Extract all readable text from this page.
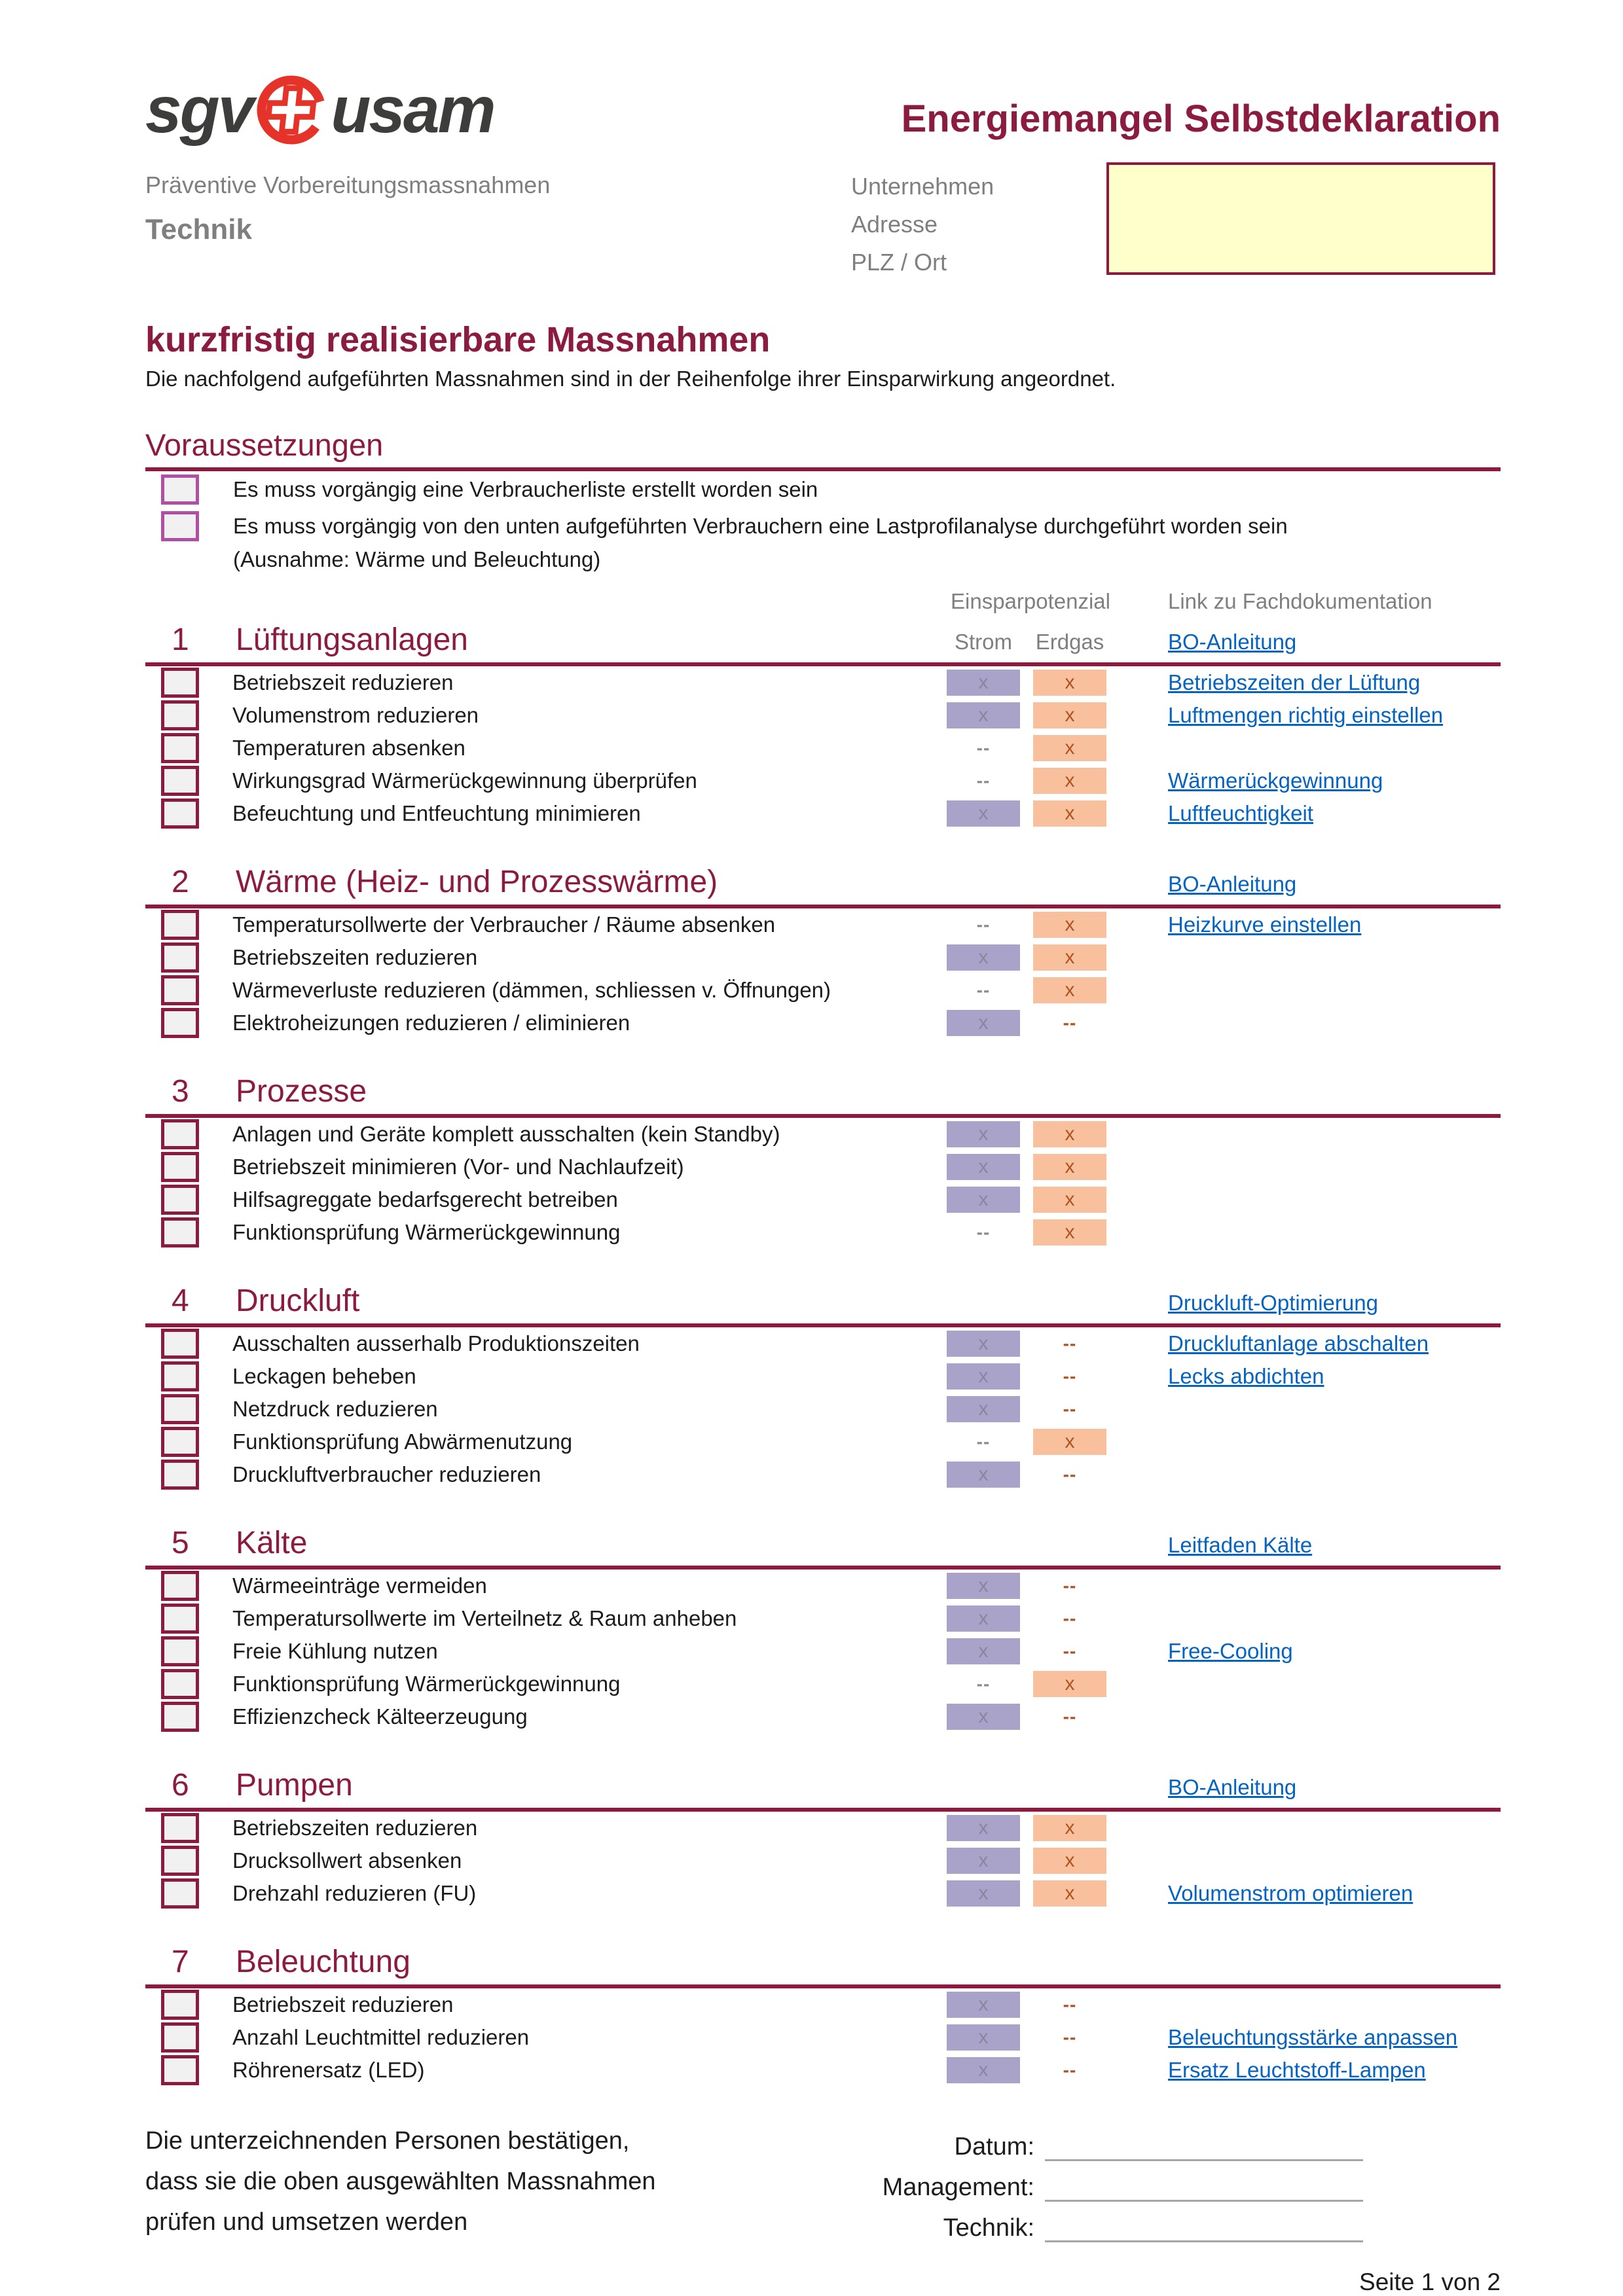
sgv usam
Präventive Vorbereitungsmassnahmen
Technik
Energiemangel Selbstdeklaration
Unternehmen
Adresse
PLZ / Ort
kurzfristig realisierbare Massnahmen
Die nachfolgend aufgeführten Massnahmen sind in der Reihenfolge ihrer Einsparwirkung angeordnet.
Voraussetzungen
Es muss vorgängig eine Verbraucherliste erstellt worden sein
Es muss vorgängig von den unten aufgeführten Verbrauchern eine Lastprofilanalyse durchgeführt worden sein
(Ausnahme: Wärme und Beleuchtung)
Einsparpotenzial	Link zu Fachdokumentation
1 Lüftungsanlagen	Strom	Erdgas	BO-Anleitung
Betriebszeit reduzieren	x	x	Betriebszeiten der Lüftung
Volumenstrom reduzieren	x	x	Luftmengen richtig einstellen
Temperaturen absenken	--	x
Wirkungsgrad Wärmerückgewinnung überprüfen	--	x	Wärmerückgewinnung
Befeuchtung und Entfeuchtung minimieren	x	x	Luftfeuchtigkeit
2 Wärme (Heiz- und Prozesswärme)	BO-Anleitung
Temperatursollwerte der Verbraucher / Räume absenken	--	x	Heizkurve einstellen
Betriebszeiten reduzieren	x	x
Wärmeverluste reduzieren (dämmen, schliessen v. Öffnungen)	--	x
Elektroheizungen reduzieren / eliminieren	x	--
3 Prozesse
Anlagen und Geräte komplett ausschalten (kein Standby)	x	x
Betriebszeit minimieren (Vor- und Nachlaufzeit)	x	x
Hilfsagreggate bedarfsgerecht betreiben	x	x
Funktionsprüfung Wärmerückgewinnung	--	x
4 Druckluft	Druckluft-Optimierung
Ausschalten ausserhalb Produktionszeiten	x	--	Druckluftanlage abschalten
Leckagen beheben	x	--	Lecks abdichten
Netzdruck reduzieren	x	--
Funktionsprüfung Abwärmenutzung	--	x
Druckluftverbraucher reduzieren	x	--
5 Kälte	Leitfaden Kälte
Wärmeeinträge vermeiden	x	--
Temperatursollwerte im Verteilnetz & Raum anheben	x	--
Freie Kühlung nutzen	x	--	Free-Cooling
Funktionsprüfung Wärmerückgewinnung	--	x
Effizienzcheck Kälteerzeugung	x	--
6 Pumpen	BO-Anleitung
Betriebszeiten reduzieren	x	x
Drucksollwert absenken	x	x
Drehzahl reduzieren (FU)	x	x	Volumenstrom optimieren
7 Beleuchtung
Betriebszeit reduzieren	x	--
Anzahl Leuchtmittel reduzieren	x	--	Beleuchtungsstärke anpassen
Röhrenersatz (LED)	x	--	Ersatz Leuchtstoff-Lampen
Die unterzeichnenden Personen bestätigen,
dass sie die oben ausgewählten Massnahmen
prüfen und umsetzen werden
Datum:
Management:
Technik:
Seite 1 von 2
